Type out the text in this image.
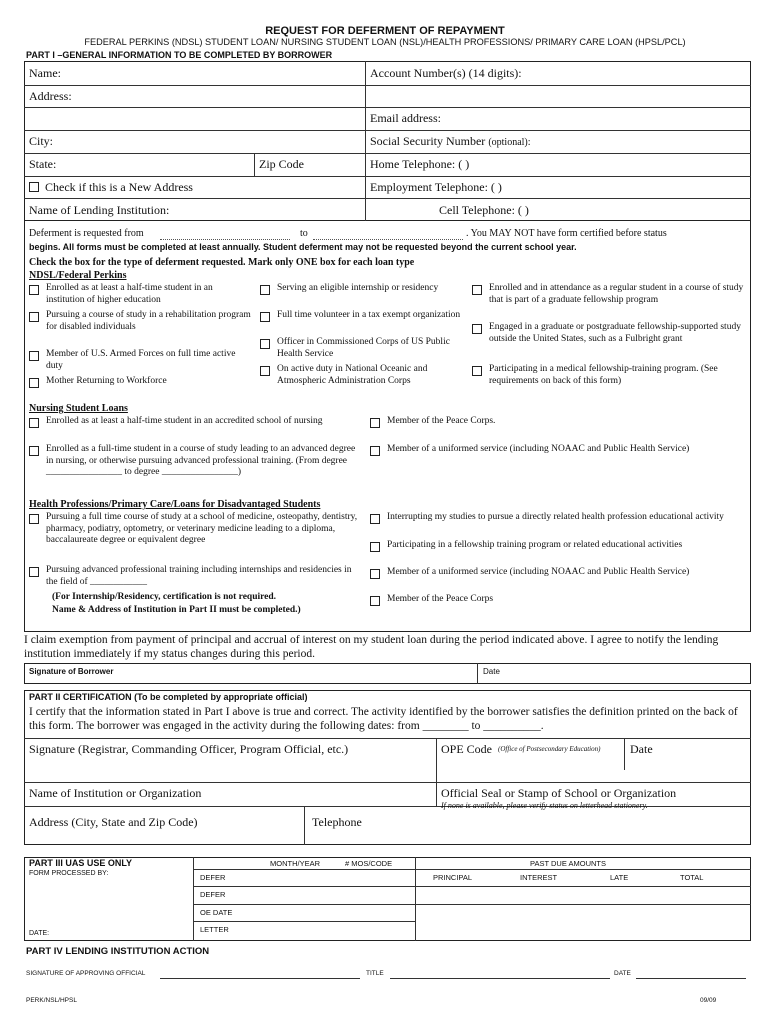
REQUEST FOR DEFERMENT OF REPAYMENT
FEDERAL PERKINS (NDSL) STUDENT LOAN/ NURSING STUDENT LOAN (NSL)/HEALTH PROFESSIONS/ PRIMARY CARE LOAN (HPSL/PCL)
PART I –GENERAL INFORMATION TO BE COMPLETED BY BORROWER
Name:	Account Number(s) (14 digits):
Address:
Email address:
City:	Social Security Number (optional):
State:	Zip Code	Home Telephone: ( )
Check if this is a New Address	Employment Telephone: ( )
Name of Lending Institution:	Cell Telephone: ( )
Deferment is requested from	to	. You MAY NOT have form certified before status
begins. All forms must be completed at least annually. Student deferment may not be requested beyond the current school year.
Check the box for the type of deferment requested. Mark only ONE box for each loan type
NDSL/Federal Perkins
Enrolled as at least a half-time student in an institution of higher education
Pursuing a course of study in a rehabilitation program for disabled individuals
Member of U.S. Armed Forces on full time active duty
Mother Returning to Workforce
Serving an eligible internship or residency
Full time volunteer in a tax exempt organization
Officer in Commissioned Corps of US Public Health Service
On active duty in National Oceanic and Atmospheric Administration Corps
Enrolled and in attendance as a regular student in a course of study that is part of a graduate fellowship program
Engaged in a graduate or postgraduate fellowship-supported study outside the United States, such as a Fulbright grant
Participating in a medical fellowship-training program. (See requirements on back of this form)
Nursing Student Loans
Enrolled as at least a half-time student in an accredited school of nursing
Enrolled as a full-time student in a course of study leading to an advanced degree in nursing, or otherwise pursuing advanced professional training. (From degree ________________ to degree ________________)
Member of the Peace Corps.
Member of a uniformed service (including NOAAC and Public Health Service)
Health Professions/Primary Care/Loans for Disadvantaged Students
Pursuing a full time course of study at a school of medicine, osteopathy, dentistry, pharmacy, podiatry, optometry, or veterinary medicine leading to a diploma, baccalaureate degree or equivalent degree
Pursuing advanced professional training including internships and residencies in the field of ____________
(For Internship/Residency, certification is not required.
Name & Address of Institution in Part II must be completed.)
Interrupting my studies to pursue a directly related health profession educational activity
Participating in a fellowship training program or related educational activities
Member of a uniformed service (including NOAAC and Public Health Service)
Member of the Peace Corps
I claim exemption from payment of principal and accrual of interest on my student loan during the period indicated above. I agree to notify the lending institution immediately if my status changes during this period.
Signature of Borrower	Date
PART II CERTIFICATION (To be completed by appropriate official)
I certify that the information stated in Part I above is true and correct. The activity identified by the borrower satisfies the definition printed on the back of this form. The borrower was engaged in the activity during the following dates: from ________ to __________.
Signature (Registrar, Commanding Officer, Program Official, etc.)	OPE Code (Office of Postsecondary Education)	Date
Name of Institution or Organization	Official Seal or Stamp of School or Organization
If none is available, please verify status on letterhead stationery.
Address (City, State and Zip Code)	Telephone
PART III UAS USE ONLY
FORM PROCESSED BY:
DATE:
MONTH/YEAR	# MOS/CODE	PAST DUE AMOUNTS
PRINCIPAL	INTEREST	LATE	TOTAL
DEFER
DEFER
OE DATE
LETTER
PART IV LENDING INSTITUTION ACTION
SIGNATURE OF APPROVING OFFICIAL	TITLE	DATE
PERK/NSL/HPSL	09/09
